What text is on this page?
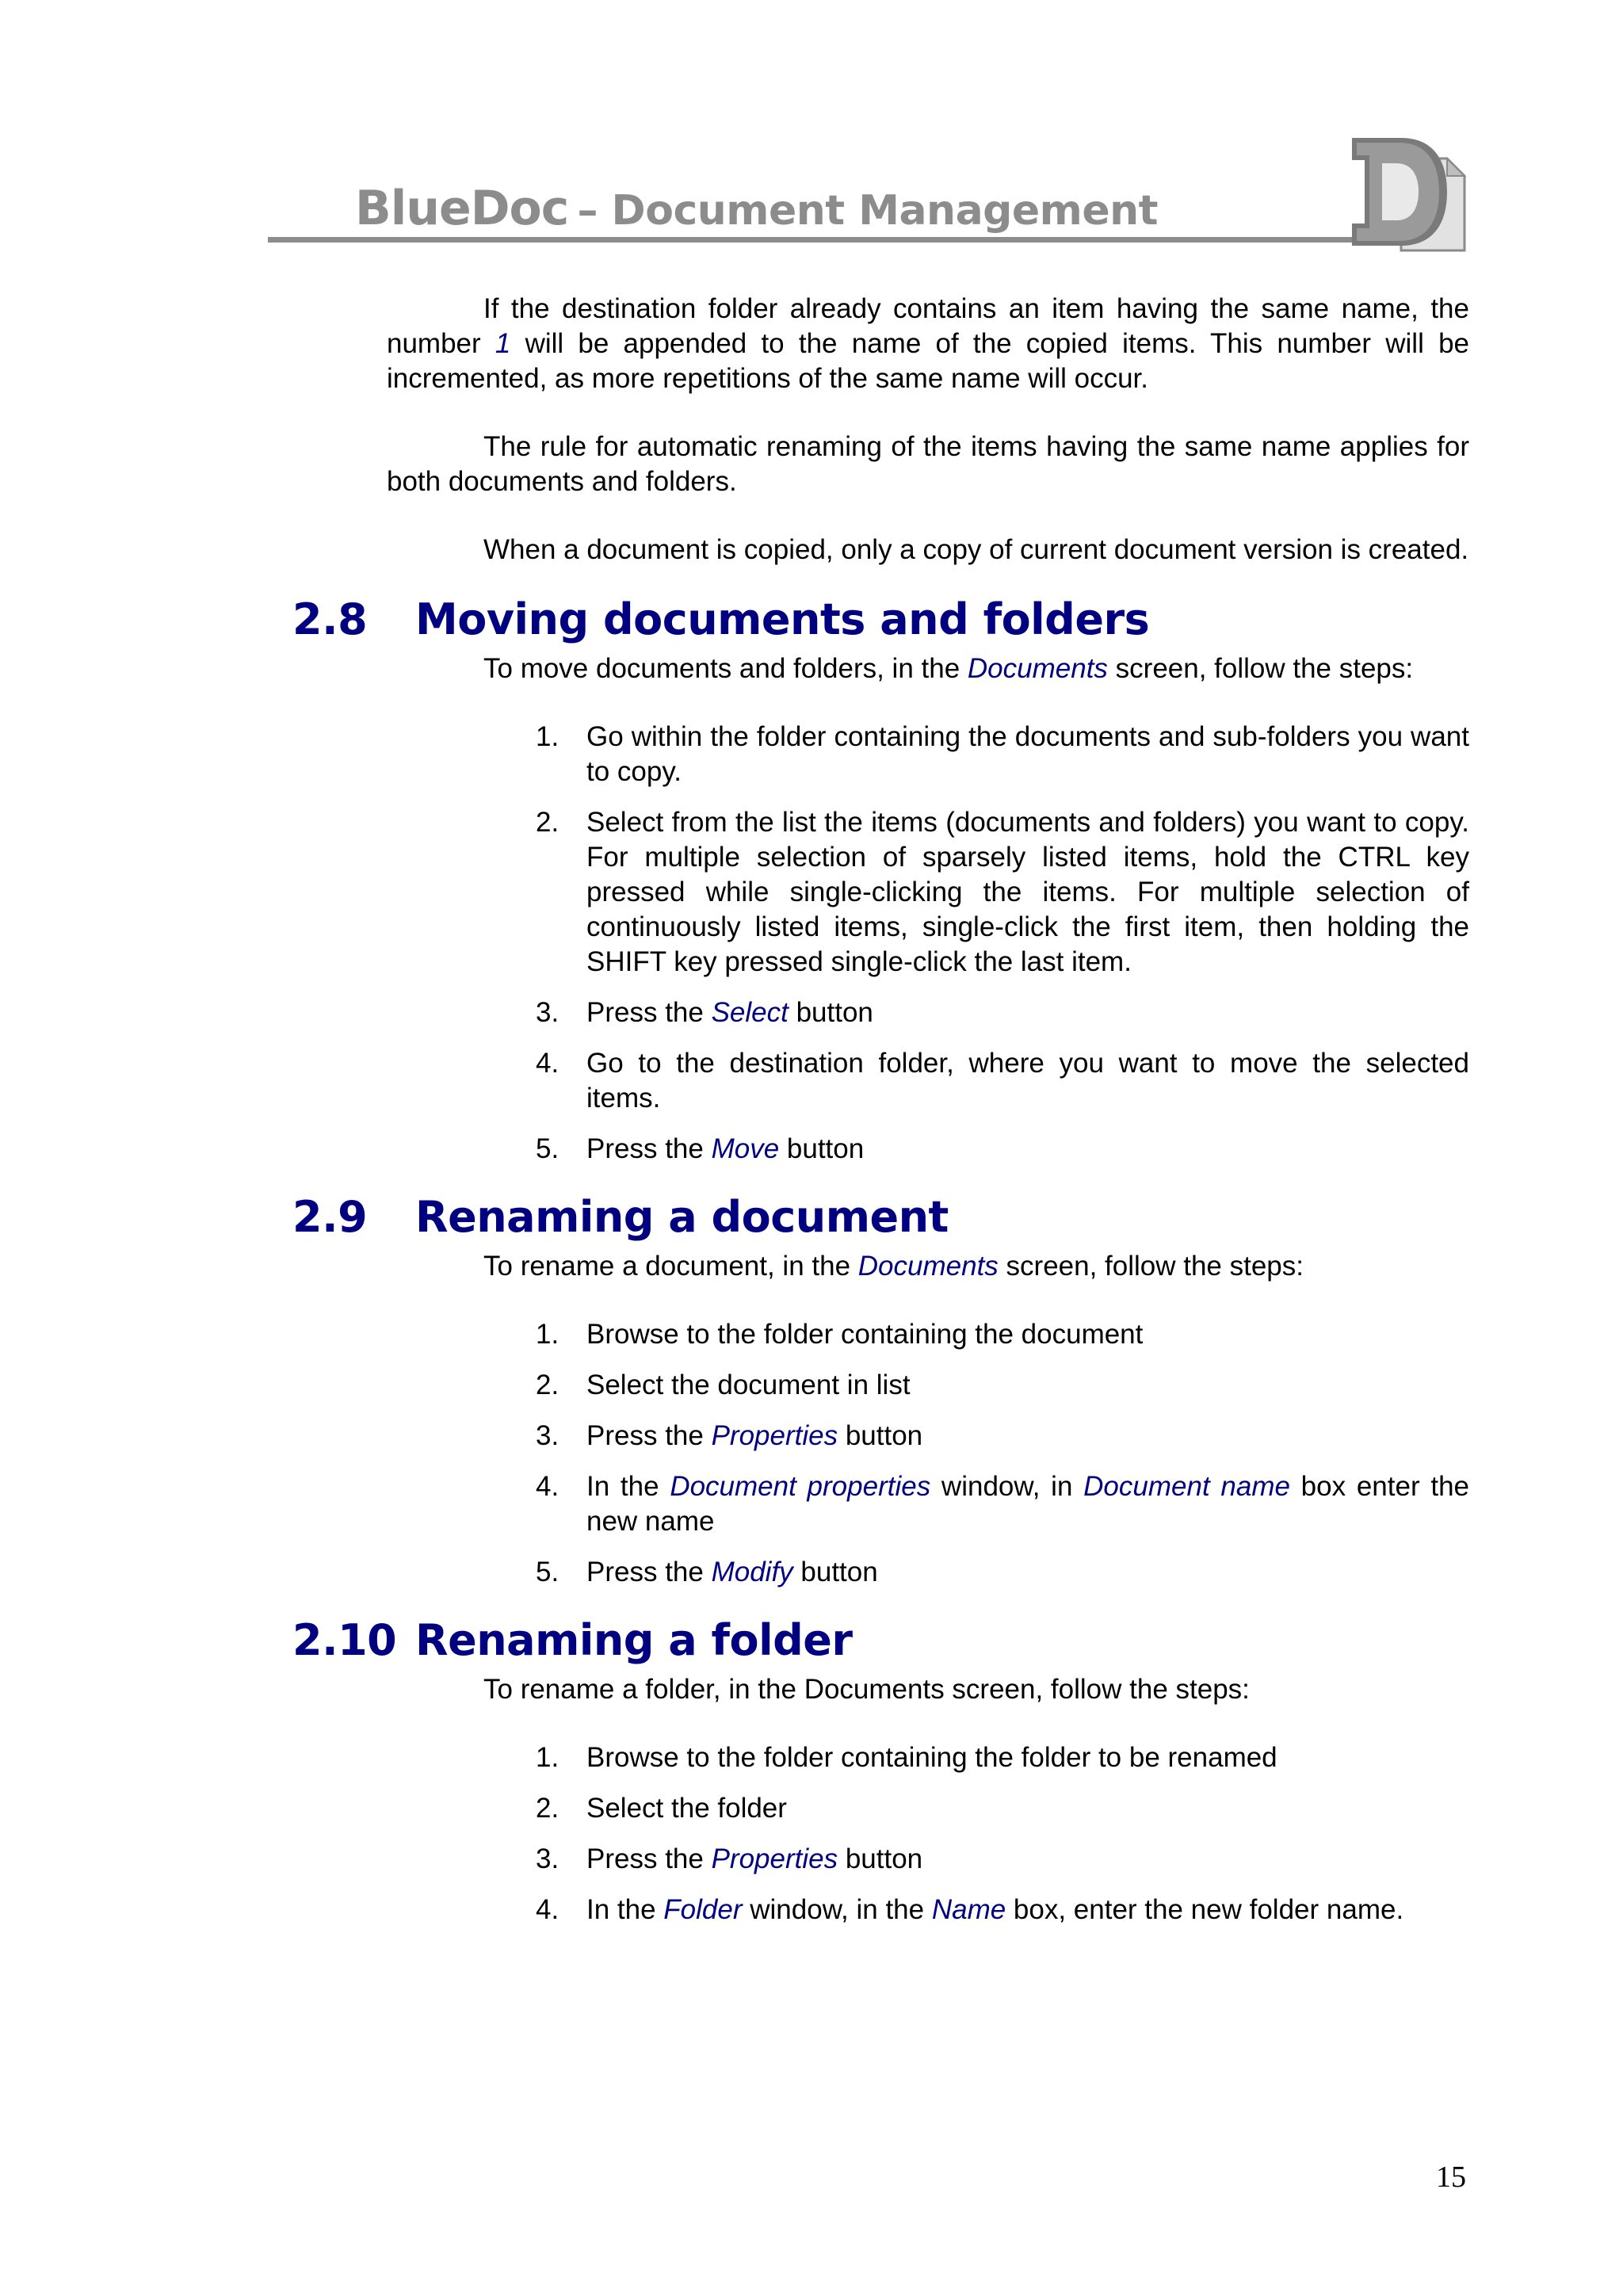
BlueDoc – Document Management

If the destination folder already contains an item having the same name, the number 1 will be appended to the name of the copied items. This number will be incremented, as more repetitions of the same name will occur.

The rule for automatic renaming of the items having the same name applies for both documents and folders.

When a document is copied, only a copy of current document version is created.

2.8 Moving documents and folders

To move documents and folders, in the Documents screen, follow the steps:

1. Go within the folder containing the documents and sub-folders you want to copy.
2. Select from the list the items (documents and folders) you want to copy. For multiple selection of sparsely listed items, hold the CTRL key pressed while single-clicking the items. For multiple selection of continuously listed items, single-click the first item, then holding the SHIFT key pressed single-click the last item.
3. Press the Select button
4. Go to the destination folder, where you want to move the selected items.
5. Press the Move button
2.9 Renaming a document

To rename a document, in the Documents screen, follow the steps:

1. Browse to the folder containing the document
2. Select the document in list
3. Press the Properties button
4. In the Document properties window, in Document name box enter the new name
5. Press the Modify button
2.10 Renaming a folder

To rename a folder, in the Documents screen, follow the steps:

1. Browse to the folder containing the folder to be renamed
2. Select the folder
3. Press the Properties button
4. In the Folder window, in the Name box, enter the new folder name.
15
